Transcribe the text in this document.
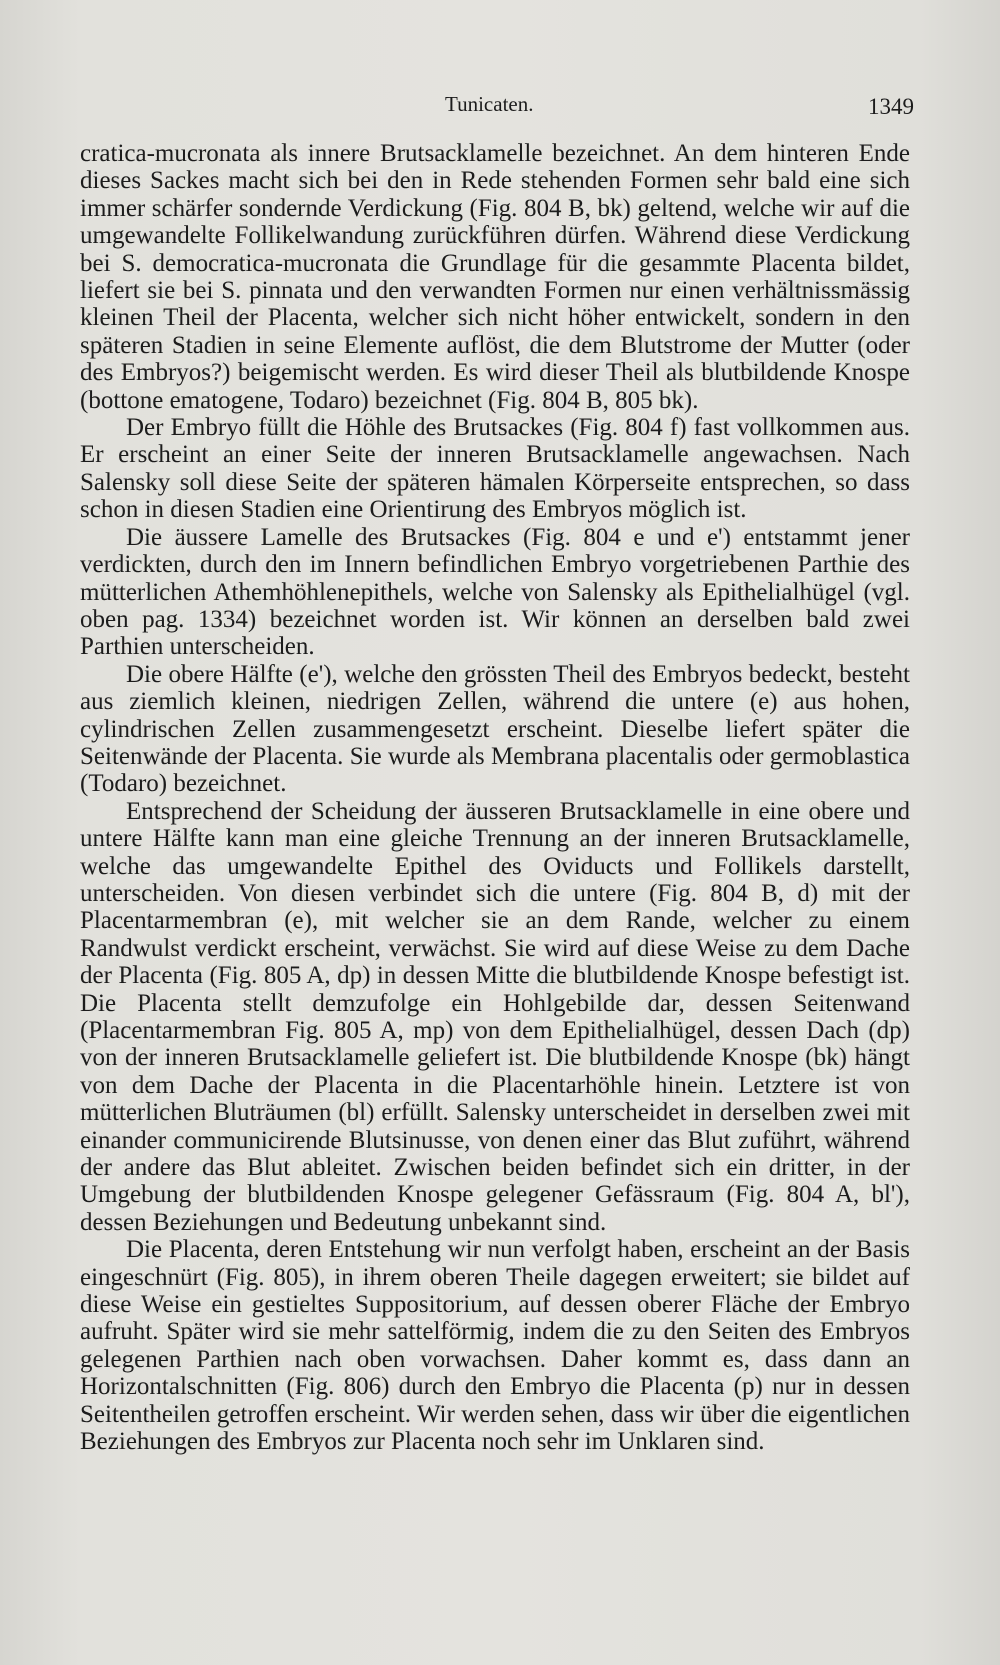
Tunicaten.	1349

cratica-mucronata als innere Brutsacklamelle bezeichnet. An dem hinteren Ende dieses Sackes macht sich bei den in Rede stehenden Formen sehr bald eine sich immer schärfer sondernde Verdickung (Fig. 804 B, bk) geltend, welche wir auf die umgewandelte Follikelwandung zurückführen dürfen. Während diese Verdickung bei S. democratica-mucronata die Grundlage für die gesammte Placenta bildet, liefert sie bei S. pinnata und den verwandten Formen nur einen verhältnissmässig kleinen Theil der Placenta, welcher sich nicht höher entwickelt, sondern in den späteren Stadien in seine Elemente auflöst, die dem Blutstrome der Mutter (oder des Embryos?) beigemischt werden. Es wird dieser Theil als blutbildende Knospe (bottone ematogene, Todaro) bezeichnet (Fig. 804 B, 805 bk).

Der Embryo füllt die Höhle des Brutsackes (Fig. 804 f) fast vollkommen aus. Er erscheint an einer Seite der inneren Brutsacklamelle angewachsen. Nach Salensky soll diese Seite der späteren hämalen Körperseite entsprechen, so dass schon in diesen Stadien eine Orientirung des Embryos möglich ist.

Die äussere Lamelle des Brutsackes (Fig. 804 e und e') entstammt jener verdickten, durch den im Innern befindlichen Embryo vorgetriebenen Parthie des mütterlichen Athemhöhlenepithels, welche von Salensky als Epithelialhügel (vgl. oben pag. 1334) bezeichnet worden ist. Wir können an derselben bald zwei Parthien unterscheiden.

Die obere Hälfte (e'), welche den grössten Theil des Embryos bedeckt, besteht aus ziemlich kleinen, niedrigen Zellen, während die untere (e) aus hohen, cylindrischen Zellen zusammengesetzt erscheint. Dieselbe liefert später die Seitenwände der Placenta. Sie wurde als Membrana placentalis oder germoblastica (Todaro) bezeichnet.

Entsprechend der Scheidung der äusseren Brutsacklamelle in eine obere und untere Hälfte kann man eine gleiche Trennung an der inneren Brutsacklamelle, welche das umgewandelte Epithel des Oviducts und Follikels darstellt, unterscheiden. Von diesen verbindet sich die untere (Fig. 804 B, d) mit der Placentarmembran (e), mit welcher sie an dem Rande, welcher zu einem Randwulst verdickt erscheint, verwächst. Sie wird auf diese Weise zu dem Dache der Placenta (Fig. 805 A, dp) in dessen Mitte die blutbildende Knospe befestigt ist. Die Placenta stellt demzufolge ein Hohlgebilde dar, dessen Seitenwand (Placentarmembran Fig. 805 A, mp) von dem Epithelialhügel, dessen Dach (dp) von der inneren Brutsacklamelle geliefert ist. Die blutbildende Knospe (bk) hängt von dem Dache der Placenta in die Placentarhöhle hinein. Letztere ist von mütterlichen Bluträumen (bl) erfüllt. Salensky unterscheidet in derselben zwei mit einander communicirende Blutsinusse, von denen einer das Blut zuführt, während der andere das Blut ableitet. Zwischen beiden befindet sich ein dritter, in der Umgebung der blutbildenden Knospe gelegener Gefässraum (Fig. 804 A, bl'), dessen Beziehungen und Bedeutung unbekannt sind.

Die Placenta, deren Entstehung wir nun verfolgt haben, erscheint an der Basis eingeschnürt (Fig. 805), in ihrem oberen Theile dagegen erweitert; sie bildet auf diese Weise ein gestieltes Suppositorium, auf dessen oberer Fläche der Embryo aufruht. Später wird sie mehr sattelförmig, indem die zu den Seiten des Embryos gelegenen Parthien nach oben vorwachsen. Daher kommt es, dass dann an Horizontalschnitten (Fig. 806) durch den Embryo die Placenta (p) nur in dessen Seitentheilen getroffen erscheint. Wir werden sehen, dass wir über die eigentlichen Beziehungen des Embryos zur Placenta noch sehr im Unklaren sind.
